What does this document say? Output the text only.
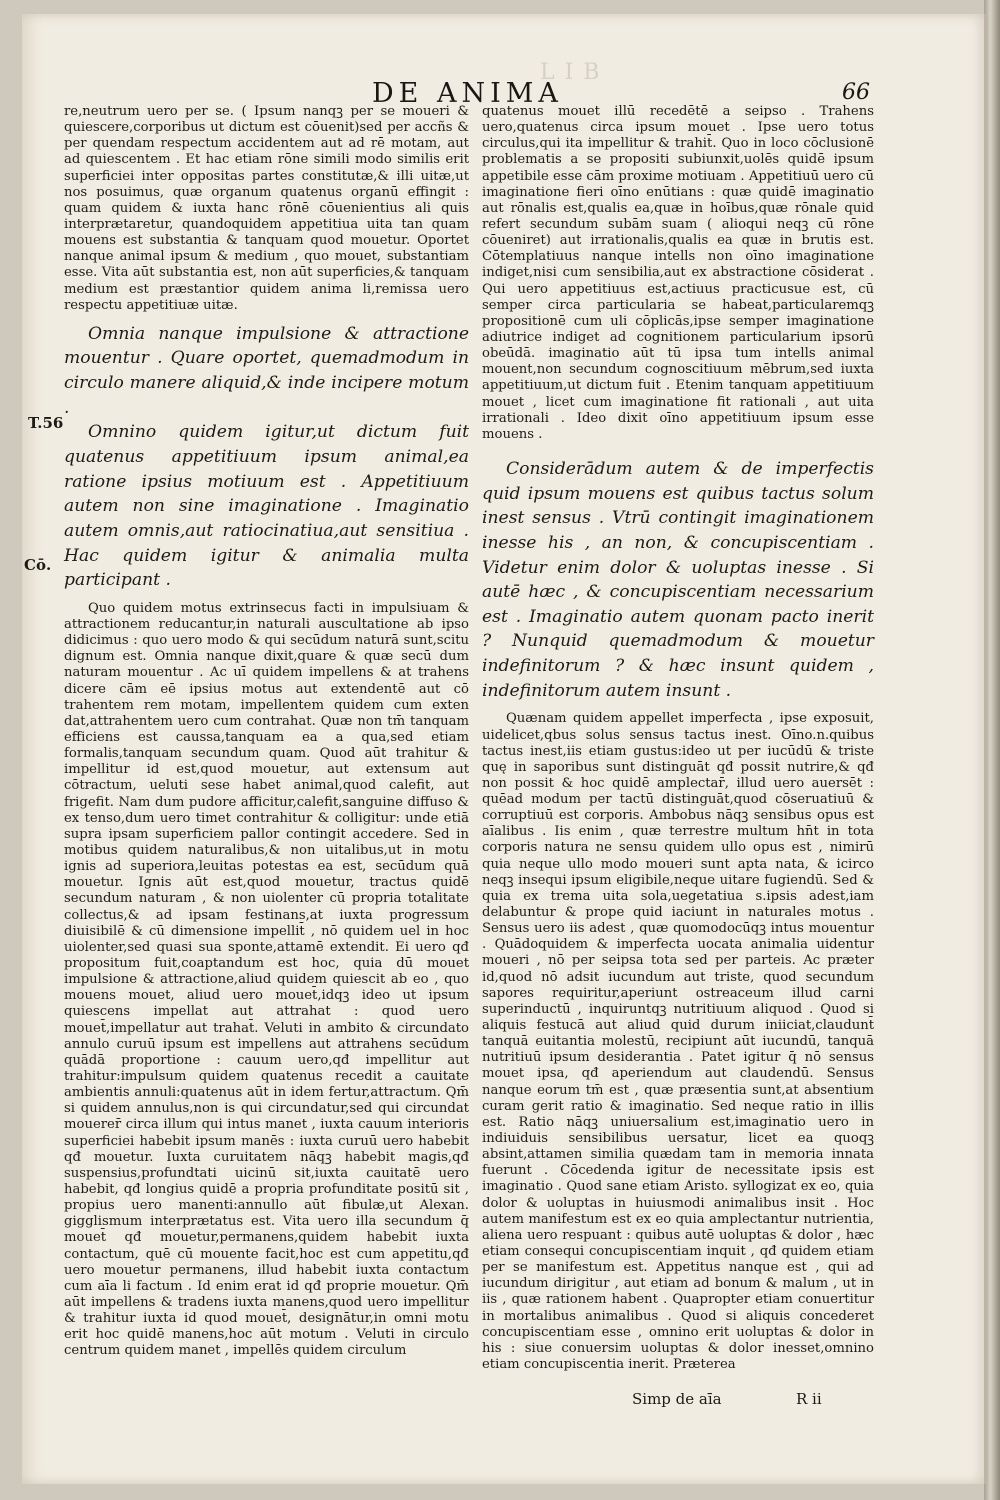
LIB
DE ANIMA	66
T.56
Cō.

re,neutrum uero per se. ( Ipsum nanqꝫ per se moueri & quiescere,corporibus ut dictum est cōuenit)sed per accñs & per quendam respectum accidentem aut ad rē motam, aut ad quiescentem . Et hac etiam rōne simili modo similis erit superficiei inter oppositas partes constitutæ,& illi uitæ,ut nos posuimus, quæ organum quatenus organū effingit : quam quidem & iuxta hanc rōnē cōuenientius ali quis interprætaretur, quandoquidem appetitiua uita tan quam mouens est substantia & tanquam quod mouetur. Oportet nanque animal ipsum & medium , quo mouet, substantiam esse. Vita aūt substantia est, non aūt superficies,& tanquam medium est præstantior quidem anima li,remissa uero respectu appetitiuæ uitæ.

Omnia nanque impulsione & attractione mouentur . Quare oportet, quemadmodum in circulo manere aliquid,& inde incipere motum .

Omnino quidem igitur,ut dictum fuit quatenus appetitiuum ipsum animal,ea ratione ipsius motiuum est . Appetitiuum autem non sine imaginatione . Imaginatio autem omnis,aut ratiocinatiua,aut sensitiua . Hac quidem igitur & animalia multa participant .

Quo quidem motus extrinsecus facti in impulsiuam & attractionem reducantur,in naturali auscultatione ab ipso didicimus : quo uero modo & qui secūdum naturā sunt,scitu dignum est. Omnia nanque dixit,quare & quæ secū dum naturam mouentur . Ac uī quidem impellens & at trahens dicere cām eē ipsius motus aut extendentē aut cō trahentem rem motam, impellentem quidem cum exten dat,attrahentem uero cum contrahat. Quæ non tm̄ tanquam efficiens est caussa,tanquam ea a qua,sed etiam formalis,tanquam secundum quam. Quod aūt trahitur & impellitur id est,quod mouetur, aut extensum aut cōtractum, ueluti sese habet animal,quod calefit, aut frigefit. Nam dum pudore afficitur,calefit,sanguine diffuso & ex tenso,dum uero timet contrahitur & colligitur: unde etiā supra ipsam superficiem pallor contingit accedere. Sed in motibus quidem naturalibus,& non uitalibus,ut in motu ignis ad superiora,leuitas potestas ea est, secūdum quā mouetur. Ignis aūt est,quod mouetur, tractus quidē secundum naturam , & non uiolenter cū propria totalitate collectus,& ad ipsam festinans,at iuxta progressum diuisibilē & cū dimensione impellit̄ , nō quidem uel in hoc uiolenter,sed quasi sua sponte,attamē extendit. Ei uero qđ propositum fuit,coaptandum est hoc, quia dū mouet impulsione & attractione,aliud quidem quiescit ab eo , quo mouens mouet, aliud uero mouet̄,idqꝫ ideo ut ipsum quiescens impellat aut attrahat : quod uero mouet̄,impellatur aut trahat̄. Veluti in ambito & circundato annulo curuū ipsum est impellens aut attrahens secūdum quādā proportione : cauum uero,qđ impellitur aut trahitur:impulsum quidem quatenus recedit a cauitate ambientis annuli:quatenus aūt in idem fertur,attractum. Qm̄ si quidem annulus,non is qui circundatur,sed qui circundat mouerer̄ circa illum qui intus manet , iuxta cauum interioris superficiei habebit ipsum manēs : iuxta curuū uero habebit qđ mouetur. Iuxta curuitatem nāqꝫ habebit magis,qđ suspensius,profundtati uicinū sit,iuxta cauitatē uero habebit, qđ longius quidē a propria profunditate positū sit , propius uero manenti:annullo aūt fibulæ,ut Alexan. gigglismum interprætatus est. Vita uero illa secundum q̄ mouet̄ qđ mouetur,permanens,quidem habebit iuxta contactum, quē cū mouente facit,hoc est cum appetitu,qđ uero mouetur permanens, illud habebit iuxta contactum cum aīa li factum . Id enim erat id qđ proprie mouetur. Qm̄ aūt impellens & tradens iuxta manens,quod uero impellitur & trahitur iuxta id quod mouet̄, designātur,in omni motu erit hoc quidē manens,hoc aūt motum . Veluti in circulo centrum quidem manet , impellēs quidem circulum

quatenus mouet illū recedētē a seipso . Trahens uero,quatenus circa ipsum mouet . Ipse uero totus circulus,qui ita impellitur & trahit̄. Quo in loco cōclusionē problematis a se propositi subiunxit,uolēs quidē ipsum appetibile esse cām proxime motiuam . Appetitiuū uero cū imaginatione fieri oīno enūtians : quæ quidē imaginatio aut rōnalis est,qualis ea,quæ in hoībus,quæ rōnale quid refert secundum subām suam ( alioqui neqꝫ cū rōne cōueniret) aut irrationalis,qualis ea quæ in brutis est. Cōtemplatiuus nanque intells non oīno imaginatione indiget,nisi cum sensibilia,aut ex abstractione cōsiderat . Qui uero appetitiuus est,actiuus practicusue est, cū semper circa particularia se habeat,particularemqꝫ propositionē cum uli cōplicās,ipse semper imaginatione adiutrice indiget ad cognitionem particularium ipsorū obeūdā. imaginatio aūt tū ipsa tum intells animal mouent,non secundum cognoscitiuum mēbrum,sed iuxta appetitiuum,ut dictum fuit . Etenim tanquam appetitiuum mouet , licet cum imaginatione fit rationali , aut uita irrationali . Ideo dixit oīno appetitiuum ipsum esse mouens .

Considerādum autem & de imperfectis quid ipsum mouens est quibus tactus solum inest sensus . Vtrū contingit imaginationem inesse his , an non, & concupiscentiam . Videtur enim dolor & uoluptas inesse . Si autē hæc , & concupiscentiam necessarium est . Imaginatio autem quonam pacto inerit ? Nunquid quemadmodum & mouetur indefinitorum ? & hæc insunt quidem , indefinitorum autem insunt .

Quænam quidem appellet imperfecta , ipse exposuit, uidelicet,qbus solus sensus tactus inest. Oīno.n.quibus tactus inest,iis etiam gustus:ideo ut per iucūdū & triste quę in saporibus sunt distinguāt qđ possit nutrire,& qđ non possit & hoc quidē amplectar̄, illud uero auersēt : quēad modum per tactū distinguāt,quod cōseruatiuū & corruptiuū est corporis. Ambobus nāqꝫ sensibus opus est aīalibus . Iis enim , quæ terrestre multum hn̄t in tota corporis natura ne sensu quidem ullo opus est , nimirū quia neque ullo modo moueri sunt apta nata, & icirco neqꝫ insequi ipsum eligibile,neque uitare fugiendū. Sed & quia ex trema uita sola,uegetatiua s.ipsis adest,iam delabuntur & prope quid iaciunt in naturales motus . Sensus uero iis adest , quæ quomodocūqꝫ intus mouentur . Quādoquidem & imperfecta uocata animalia uidentur moueri , nō per seipsa tota sed per parteis. Ac præter id,quod nō adsit iucundum aut triste, quod secundum sapores requiritur,aperiunt ostreaceum illud carni superinductū , inquiruntqꝫ nutritiuum aliquod . Quod si aliquis festucā aut aliud quid durum iniiciat,claudunt̄ tanquā euitantia molestū, recipiunt aūt iucundū, tanquā nutritiuū ipsum desiderantia . Patet igitur q̄ nō sensus mouet ipsa, qđ aperiendum aut claudendū. Sensus nanque eorum tm̄ est , quæ præsentia sunt,at absentium curam gerit ratio & imaginatio. Sed neque ratio in illis est. Ratio nāqꝫ uniuersalium est,imaginatio uero in indiuiduis sensibilibus uersatur, licet ea quoqꝫ absint,attamen similia quædam tam in memoria innata fuerunt . Cōcedenda igitur de necessitate ipsis est imaginatio . Quod sane etiam Aristo. syllogizat ex eo, quia dolor & uoluptas in huiusmodi animalibus insit . Hoc autem manifestum est ex eo quia amplectantur nutrientia, aliena uero respuant : quibus autē uoluptas & dolor , hæc etiam consequi concupiscentiam inquit , qđ quidem etiam per se manifestum est. Appetitus nanque est , qui ad iucundum dirigitur , aut etiam ad bonum & malum , ut in iis , quæ rationem habent . Quapropter etiam conuertitur in mortalibus animalibus . Quod si aliquis concederet concupiscentiam esse , omnino erit uoluptas & dolor in his : siue conuersim uoluptas & dolor inesset,omnino etiam concupiscentia inerit. Præterea

Simp de aīa	R ii
